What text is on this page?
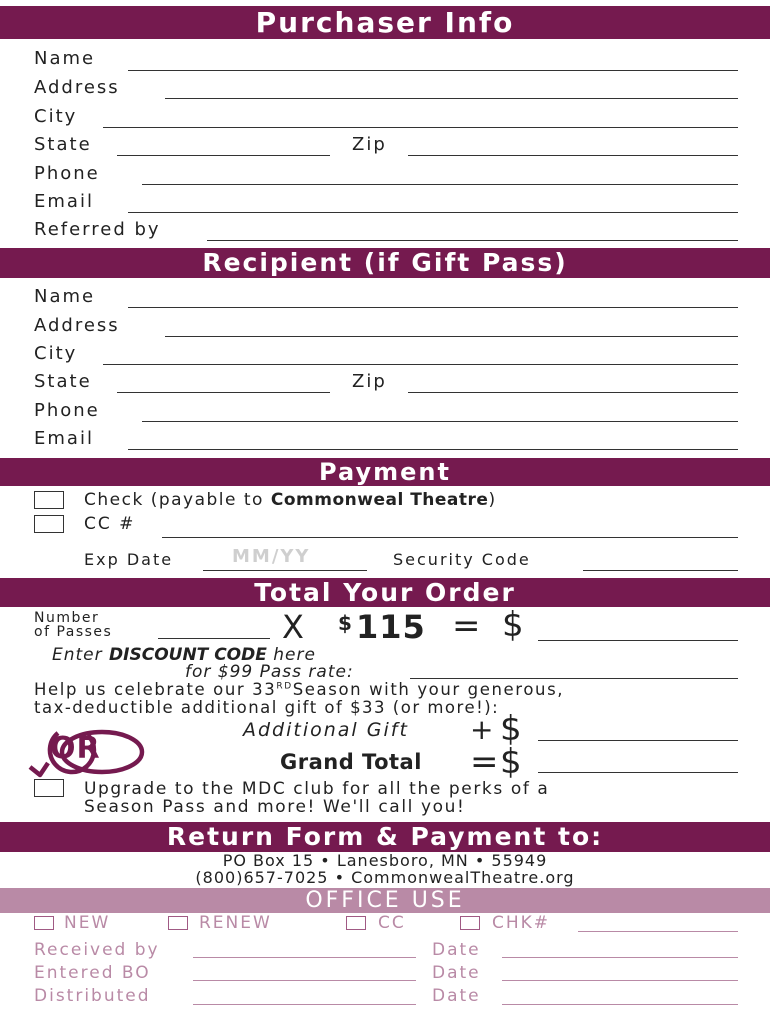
Purchaser Info
Name
Address
City
State	Zip
Phone
Email
Referred by
Recipient (if Gift Pass)
Name
Address
City
State	Zip
Phone
Email
Payment
Check (payable to Commonweal Theatre)
CC #
Exp Date	MM/YY	Security Code
Total Your Order
Number
of Passes	X $ 115 = $
Enter DISCOUNT CODE here
for $99 Pass rate:
Help us celebrate our 33RDSeason with your generous,
tax-deductible additional gift of $33 (or more!):
Additional Gift + $
OR	Grand Total = $
Upgrade to the MDC club for all the perks of a
Season Pass and more! We'll call you!
Return Form & Payment to:
PO Box 15 • Lanesboro, MN • 55949
(800)657-7025 • CommonwealTheatre.org
OFFICE USE
NEW	RENEW	CC	CHK#
Received by	Date
Entered BO	Date
Distributed	Date
